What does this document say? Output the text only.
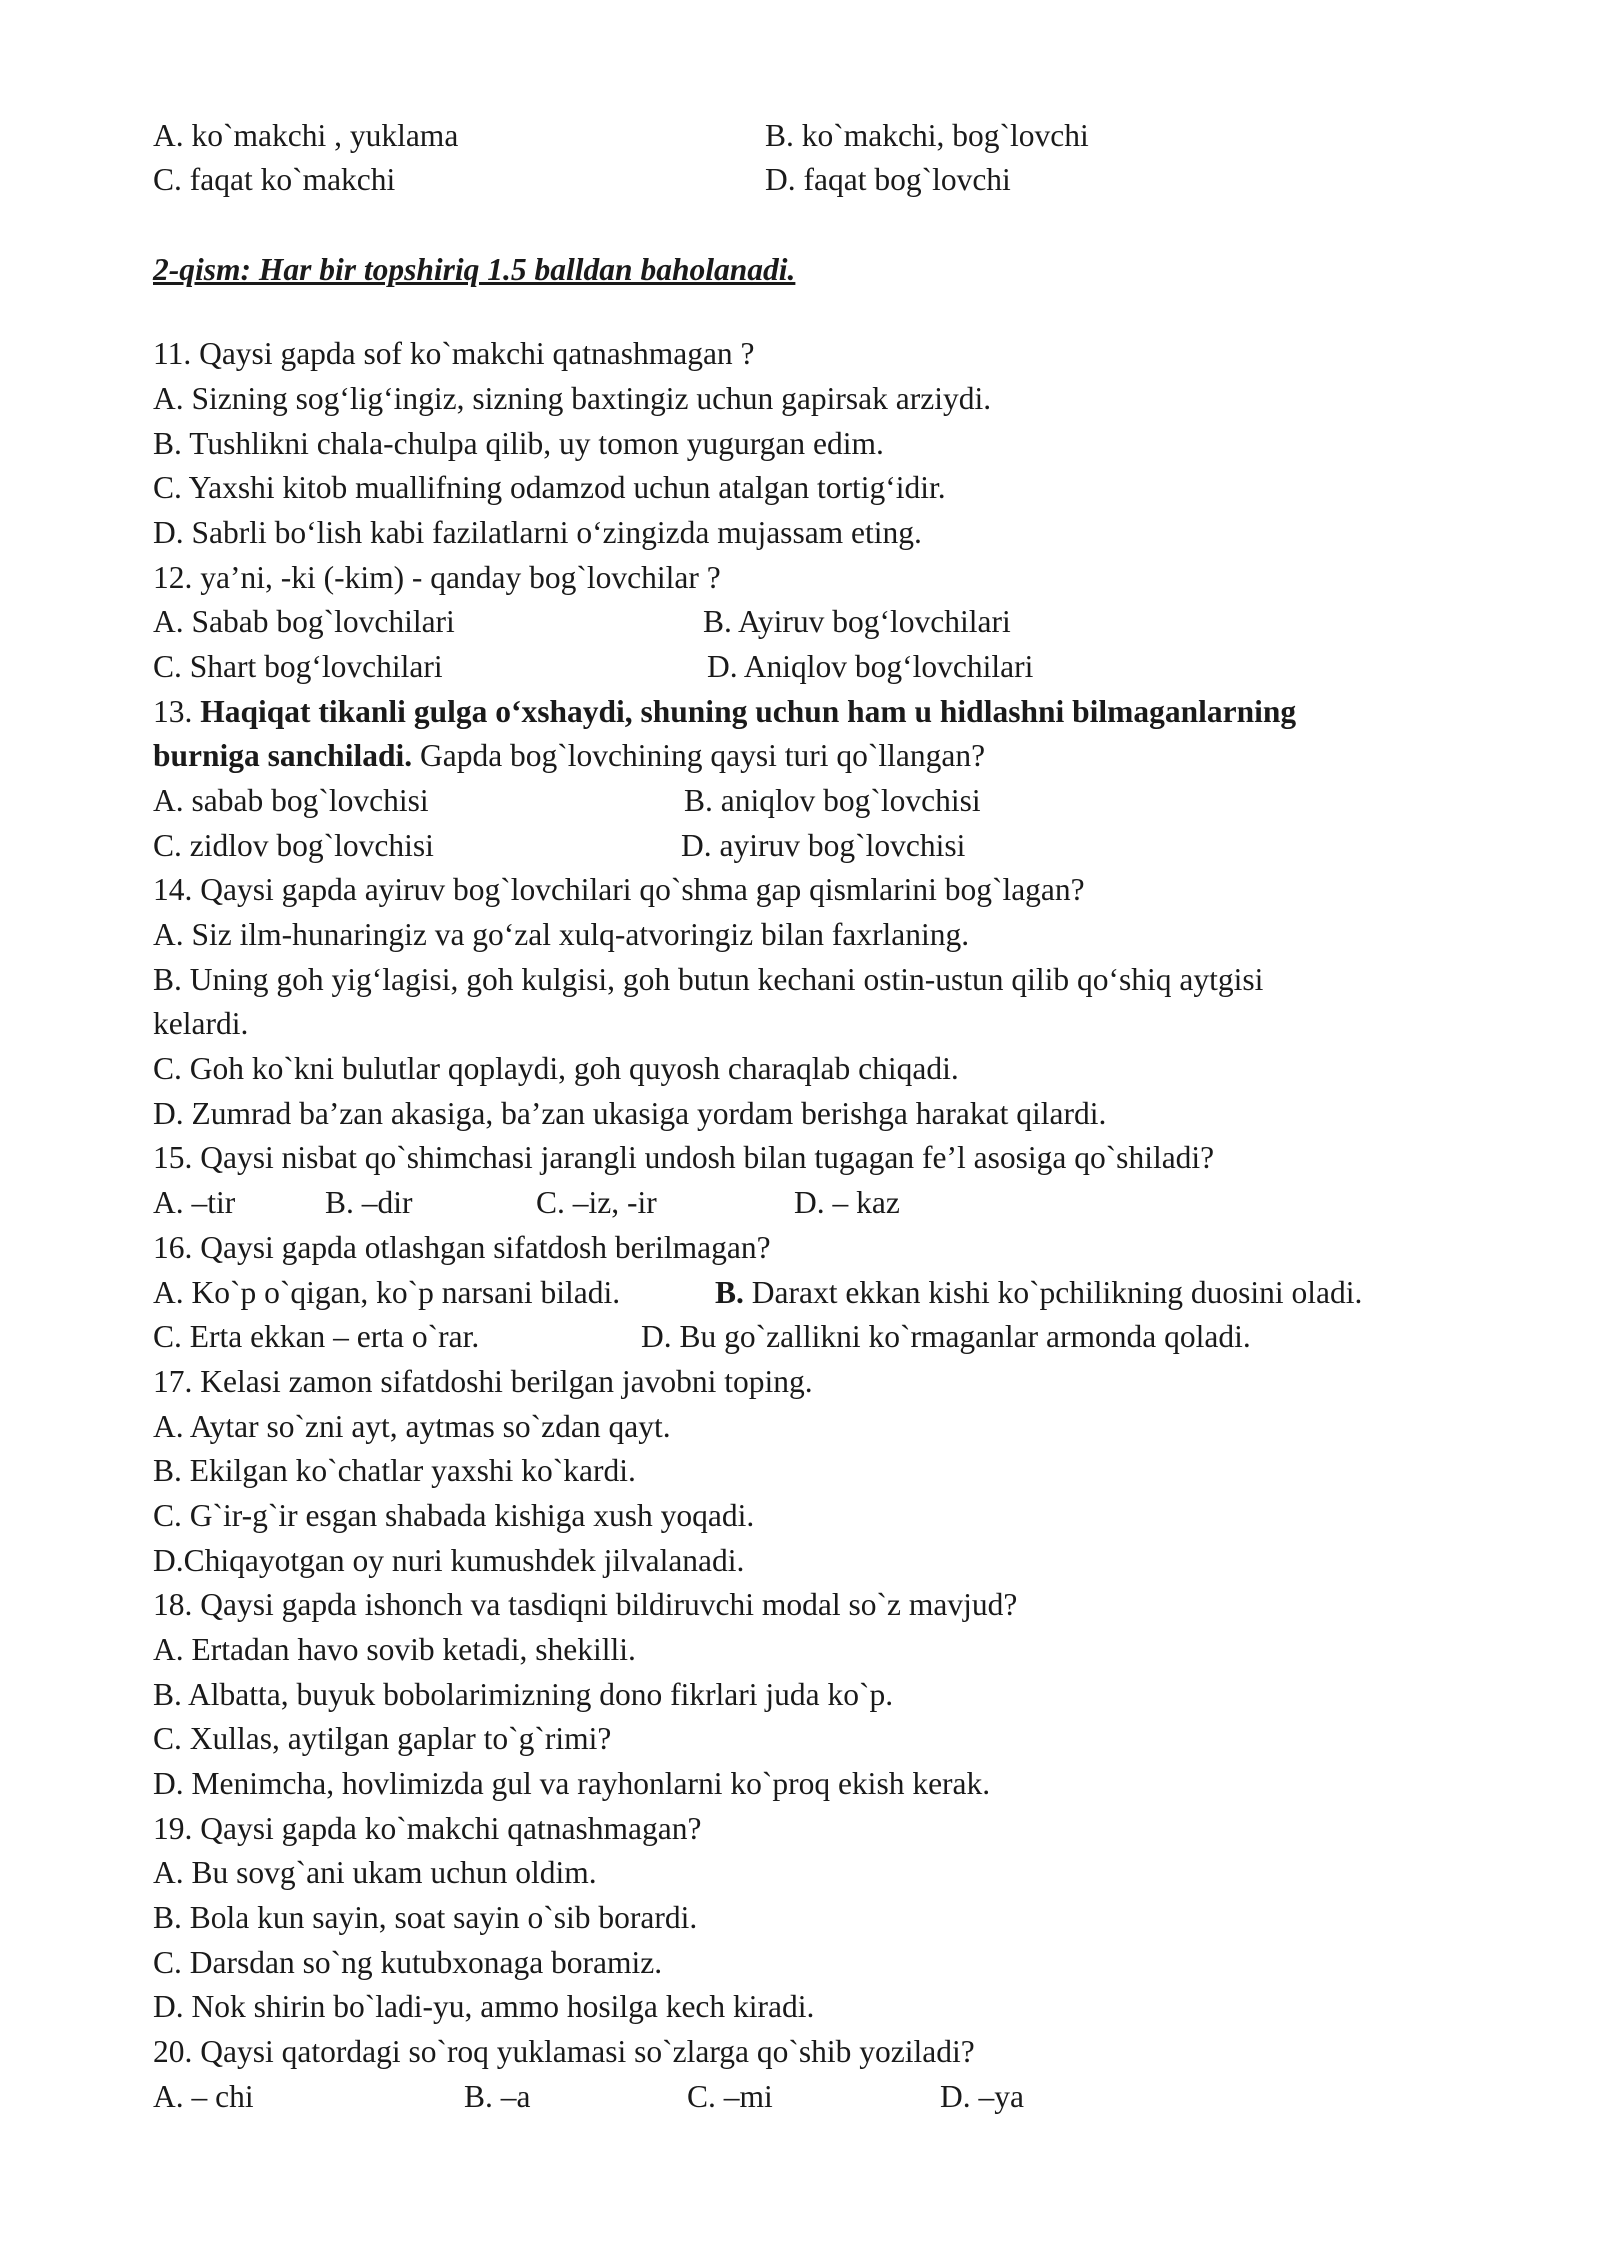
A. ko`makchi , yuklama	B. ko`makchi, bog`lovchi
C. faqat ko`makchi	D. faqat bog`lovchi
2-qism: Har bir topshiriq 1.5 balldan baholanadi.
11. Qaysi gapda sof ko`makchi qatnashmagan ?
A. Sizning sog‘lig‘ingiz, sizning baxtingiz uchun gapirsak arziydi.
B. Tushlikni chala-chulpa qilib, uy tomon yugurgan edim.
C. Yaxshi kitob muallifning odamzod uchun atalgan tortig‘idir.
D. Sabrli bo‘lish kabi fazilatlarni o‘zingizda mujassam eting.
12. ya’ni, -ki (-kim) - qanday bog`lovchilar ?
A. Sabab bog`lovchilari	B. Ayiruv bog‘lovchilari
C. Shart bog‘lovchilari	D. Aniqlov bog‘lovchilari
13. Haqiqat tikanli gulga o‘xshaydi, shuning uchun ham u hidlashni bilmaganlarning
burniga sanchiladi. Gapda bog`lovchining qaysi turi qo`llangan?
A. sabab bog`lovchisi	B. aniqlov bog`lovchisi
C. zidlov bog`lovchisi	D. ayiruv bog`lovchisi
14. Qaysi gapda ayiruv bog`lovchilari qo`shma gap qismlarini bog`lagan?
A. Siz ilm-hunaringiz va go‘zal xulq-atvoringiz bilan faxrlaning.
B. Uning goh yig‘lagisi, goh kulgisi, goh butun kechani ostin-ustun qilib qo‘shiq aytgisi
kelardi.
C. Goh ko`kni bulutlar qoplaydi, goh quyosh charaqlab chiqadi.
D. Zumrad ba’zan akasiga, ba’zan ukasiga yordam berishga harakat qilardi.
15. Qaysi nisbat qo`shimchasi jarangli undosh bilan tugagan fe’l asosiga qo`shiladi?
A. –tir	B. –dir	C. –iz, -ir	D. – kaz
16. Qaysi gapda otlashgan sifatdosh berilmagan?
A. Ko`p o`qigan, ko`p narsani biladi.	B. Daraxt ekkan kishi ko`pchilikning duosini oladi.
C. Erta ekkan – erta o`rar.	D. Bu go`zallikni ko`rmaganlar armonda qoladi.
17. Kelasi zamon sifatdoshi berilgan javobni toping.
A. Aytar so`zni ayt, aytmas so`zdan qayt.
B. Ekilgan ko`chatlar yaxshi ko`kardi.
C. G`ir-g`ir esgan shabada kishiga xush yoqadi.
D.Chiqayotgan oy nuri kumushdek jilvalanadi.
18. Qaysi gapda ishonch va tasdiqni bildiruvchi modal so`z mavjud?
A. Ertadan havo sovib ketadi, shekilli.
B. Albatta, buyuk bobolarimizning dono fikrlari juda ko`p.
C. Xullas, aytilgan gaplar to`g`rimi?
D. Menimcha, hovlimizda gul va rayhonlarni ko`proq ekish kerak.
19. Qaysi gapda ko`makchi qatnashmagan?
A. Bu sovg`ani ukam uchun oldim.
B. Bola kun sayin, soat sayin o`sib borardi.
C. Darsdan so`ng kutubxonaga boramiz.
D. Nok shirin bo`ladi-yu, ammo hosilga kech kiradi.
20. Qaysi qatordagi so`roq yuklamasi so`zlarga qo`shib yoziladi?
A. – chi	B. –a	C. –mi	D. –ya
